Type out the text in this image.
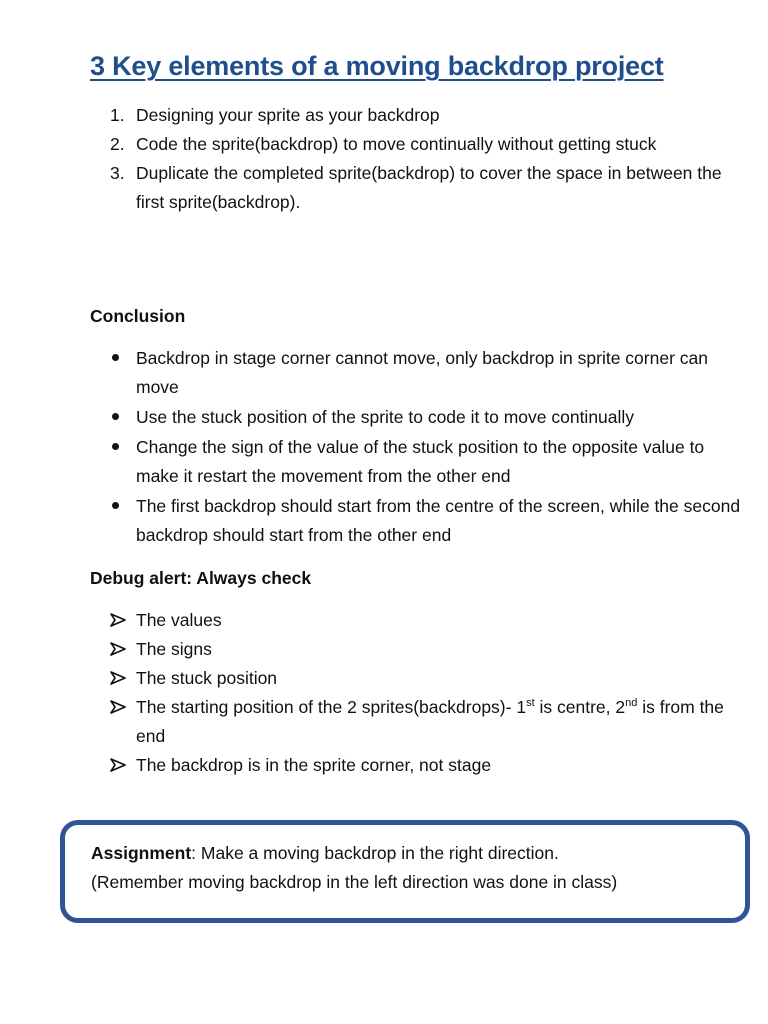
3 Key elements of a moving backdrop project
Designing your sprite as your backdrop
Code the sprite(backdrop) to move continually without getting stuck
Duplicate the completed sprite(backdrop) to cover the space in between the first sprite(backdrop).
Conclusion
Backdrop in stage corner cannot move, only backdrop in sprite corner can move
Use the stuck position of the sprite to code it to move continually
Change the sign of the value of the stuck position to the opposite value to make it restart the movement from the other end
The first backdrop should start from the centre of the screen, while the second backdrop should start from the other end
Debug alert: Always check
The values
The signs
The stuck position
The starting position of the 2 sprites(backdrops)- 1st is centre, 2nd is from the end
The backdrop is in the sprite corner, not stage

Assignment: Make a moving backdrop in the right direction.

(Remember moving backdrop in the left direction was done in class)
